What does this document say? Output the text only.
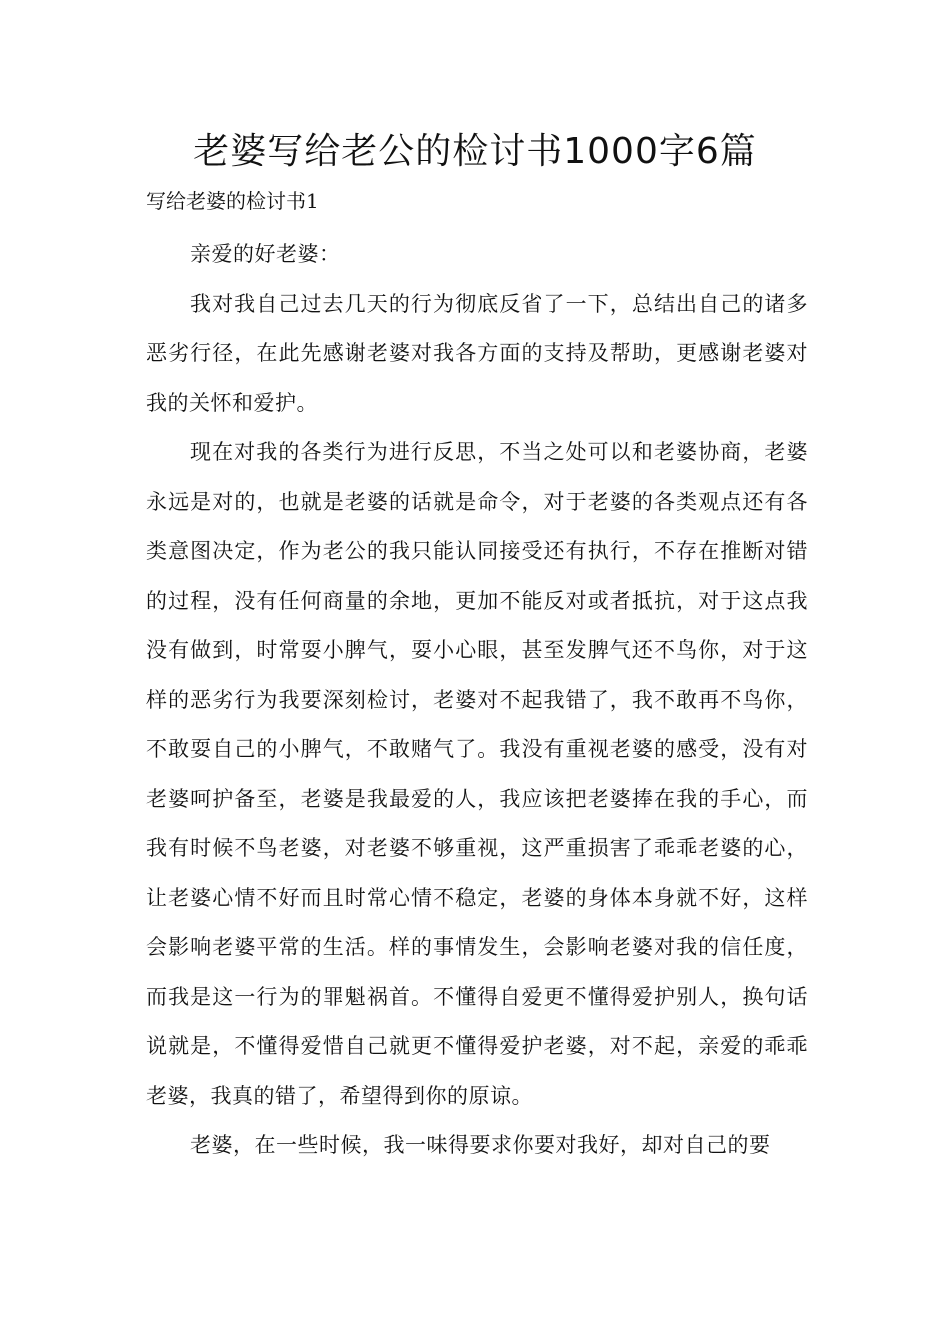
老婆写给老公的检讨书1000字6篇
写给老婆的检讨书1

亲爱的好老婆：

我对我自己过去几天的行为彻底反省了一下，总结出自己的诸多恶劣行径，在此先感谢老婆对我各方面的支持及帮助，更感谢老婆对我的关怀和爱护。

现在对我的各类行为进行反思，不当之处可以和老婆协商，老婆永远是对的，也就是老婆的话就是命令，对于老婆的各类观点还有各类意图决定，作为老公的我只能认同接受还有执行，不存在推断对错的过程，没有任何商量的余地，更加不能反对或者抵抗，对于这点我没有做到，时常耍小脾气，耍小心眼，甚至发脾气还不鸟你，对于这样的恶劣行为我要深刻检讨，老婆对不起我错了，我不敢再不鸟你，不敢耍自己的小脾气，不敢赌气了。我没有重视老婆的感受，没有对老婆呵护备至，老婆是我最爱的人，我应该把老婆捧在我的手心，而我有时候不鸟老婆，对老婆不够重视，这严重损害了乖乖老婆的心，让老婆心情不好而且时常心情不稳定，老婆的身体本身就不好，这样会影响老婆平常的生活。样的事情发生，会影响老婆对我的信任度，而我是这一行为的罪魁祸首。不懂得自爱更不懂得爱护别人，换句话说就是，不懂得爱惜自己就更不懂得爱护老婆，对不起，亲爱的乖乖老婆，我真的错了，希望得到你的原谅。

老婆，在一些时候，我一味得要求你要对我好，却对自己的要
